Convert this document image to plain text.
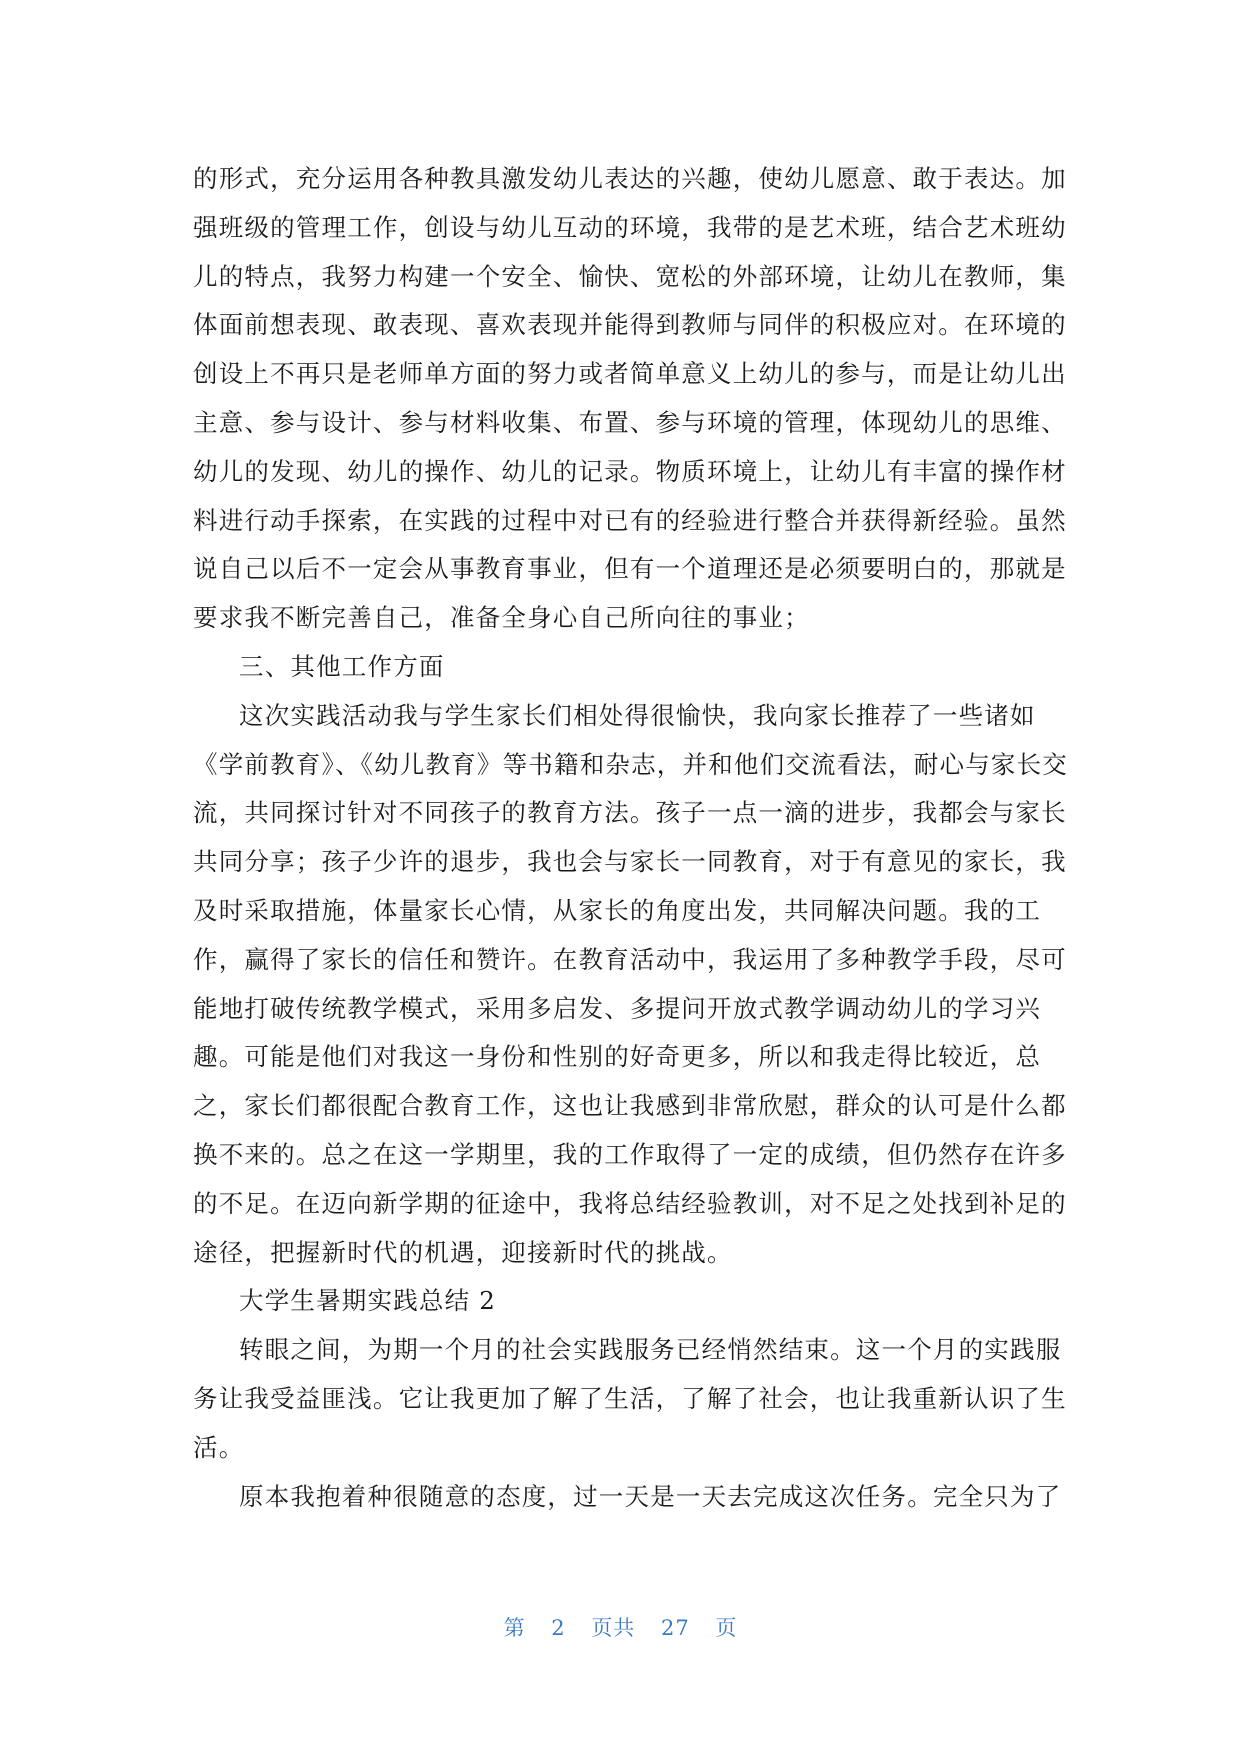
的形式，充分运用各种教具激发幼儿表达的兴趣，使幼儿愿意、敢于表达。加
强班级的管理工作，创设与幼儿互动的环境，我带的是艺术班，结合艺术班幼
儿的特点，我努力构建一个安全、愉快、宽松的外部环境，让幼儿在教师，集
体面前想表现、敢表现、喜欢表现并能得到教师与同伴的积极应对。在环境的
创设上不再只是老师单方面的努力或者简单意义上幼儿的参与，而是让幼儿出
主意、参与设计、参与材料收集、布置、参与环境的管理，体现幼儿的思维、
幼儿的发现、幼儿的操作、幼儿的记录。物质环境上，让幼儿有丰富的操作材
料进行动手探索，在实践的过程中对已有的经验进行整合并获得新经验。虽然
说自己以后不一定会从事教育事业，但有一个道理还是必须要明白的，那就是
要求我不断完善自己，准备全身心自己所向往的事业；
三、其他工作方面
这次实践活动我与学生家长们相处得很愉快，我向家长推荐了一些诸如
《学前教育》、《幼儿教育》等书籍和杂志，并和他们交流看法，耐心与家长交
流，共同探讨针对不同孩子的教育方法。孩子一点一滴的进步，我都会与家长
共同分享；孩子少许的退步，我也会与家长一同教育，对于有意见的家长，我
及时采取措施，体量家长心情，从家长的角度出发，共同解决问题。我的工
作，赢得了家长的信任和赞许。在教育活动中，我运用了多种教学手段，尽可
能地打破传统教学模式，采用多启发、多提问开放式教学调动幼儿的学习兴
趣。可能是他们对我这一身份和性别的好奇更多，所以和我走得比较近，总
之，家长们都很配合教育工作，这也让我感到非常欣慰，群众的认可是什么都
换不来的。总之在这一学期里，我的工作取得了一定的成绩，但仍然存在许多
的不足。在迈向新学期的征途中，我将总结经验教训，对不足之处找到补足的
途径，把握新时代的机遇，迎接新时代的挑战。
大学生暑期实践总结 2
转眼之间，为期一个月的社会实践服务已经悄然结束。这一个月的实践服
务让我受益匪浅。它让我更加了解了生活，了解了社会，也让我重新认识了生
活。
原本我抱着种很随意的态度，过一天是一天去完成这次任务。完全只为了
第 2 页共 27 页
